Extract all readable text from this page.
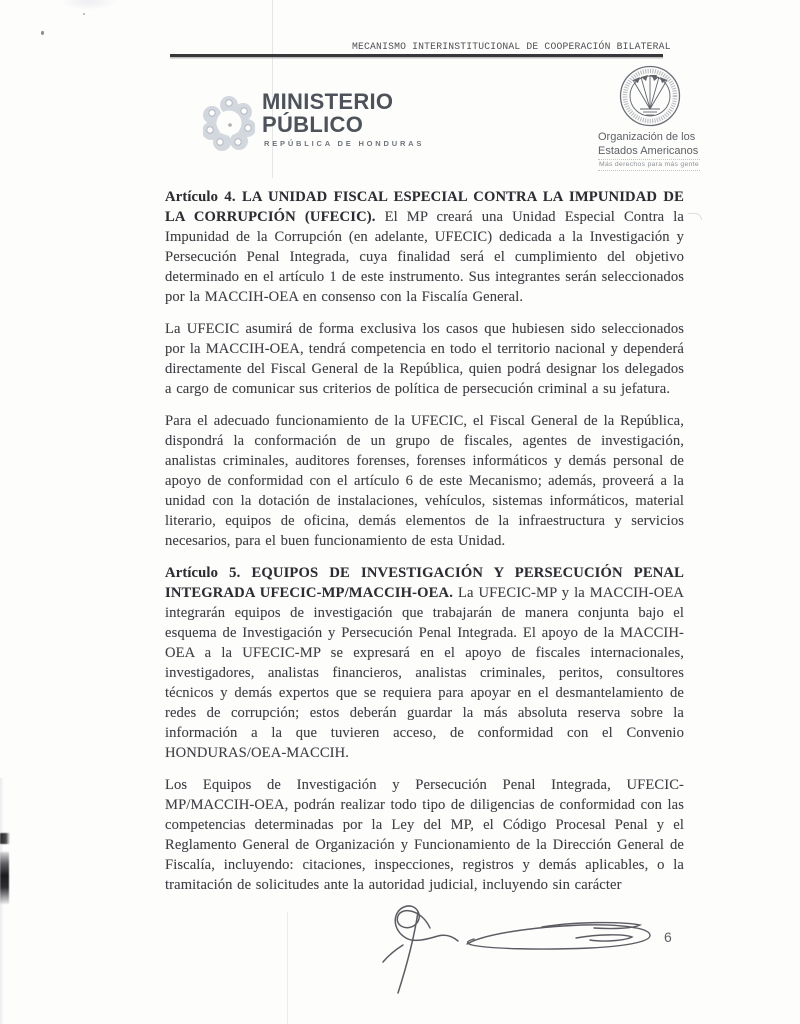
MECANISMO INTERINSTITUCIONAL DE COOPERACIÓN BILATERAL
MINISTERIO
PÚBLICO
REPÚBLICA DE HONDURAS
Organización de los
Estados Americanos
Más derechos para más gente

Artículo 4. LA UNIDAD FISCAL ESPECIAL CONTRA LA IMPUNIDAD DE LA CORRUPCIÓN (UFECIC). El MP creará una Unidad Especial Contra la Impunidad de la Corrupción (en adelante, UFECIC) dedicada a la Investigación y Persecución Penal Integrada, cuya finalidad será el cumplimiento del objetivo determinado en el artículo 1 de este instrumento. Sus integrantes serán seleccionados por la MACCIH-OEA en consenso con la Fiscalía General.

La UFECIC asumirá de forma exclusiva los casos que hubiesen sido seleccionados por la MACCIH-OEA, tendrá competencia en todo el territorio nacional y dependerá directamente del Fiscal General de la República, quien podrá designar los delegados a cargo de comunicar sus criterios de política de persecución criminal a su jefatura.

Para el adecuado funcionamiento de la UFECIC, el Fiscal General de la República, dispondrá la conformación de un grupo de fiscales, agentes de investigación, analistas criminales, auditores forenses, forenses informáticos y demás personal de apoyo de conformidad con el artículo 6 de este Mecanismo; además, proveerá a la unidad con la dotación de instalaciones, vehículos, sistemas informáticos, material literario, equipos de oficina, demás elementos de la infraestructura y servicios necesarios, para el buen funcionamiento de esta Unidad.

Artículo 5. EQUIPOS DE INVESTIGACIÓN Y PERSECUCIÓN PENAL INTEGRADA UFECIC-MP/MACCIH-OEA. La UFECIC-MP y la MACCIH-OEA integrarán equipos de investigación que trabajarán de manera conjunta bajo el esquema de Investigación y Persecución Penal Integrada. El apoyo de la MACCIH-OEA a la UFECIC-MP se expresará en el apoyo de fiscales internacionales, investigadores, analistas financieros, analistas criminales, peritos, consultores técnicos y demás expertos que se requiera para apoyar en el desmantelamiento de redes de corrupción; estos deberán guardar la más absoluta reserva sobre la información a la que tuvieren acceso, de conformidad con el Convenio HONDURAS/OEA-MACCIH.

Los Equipos de Investigación y Persecución Penal Integrada, UFECIC-MP/MACCIH-OEA, podrán realizar todo tipo de diligencias de conformidad con las competencias determinadas por la Ley del MP, el Código Procesal Penal y el Reglamento General de Organización y Funcionamiento de la Dirección General de Fiscalía, incluyendo: citaciones, inspecciones, registros y demás aplicables, o la tramitación de solicitudes ante la autoridad judicial, incluyendo sin carácter

6
